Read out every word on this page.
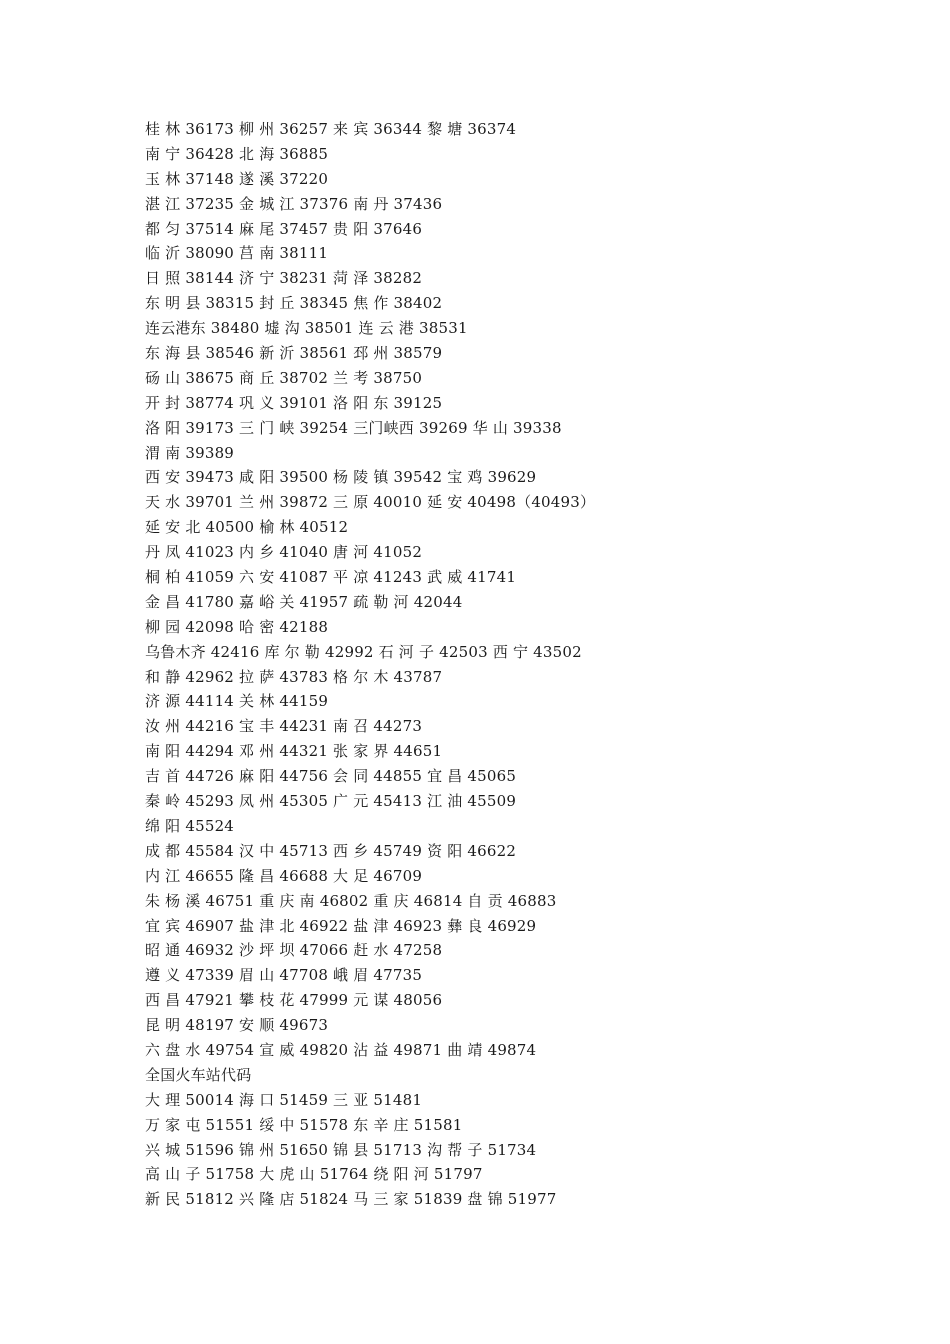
桂 林 36173 柳 州 36257 来 宾 36344 黎 塘 36374
南 宁 36428 北 海 36885
玉 林 37148 遂 溪 37220
湛 江 37235 金 城 江 37376 南 丹 37436
都 匀 37514 麻 尾 37457 贵 阳 37646
临 沂 38090 莒 南 38111
日 照 38144 济 宁 38231 菏 泽 38282
东 明 县 38315 封 丘 38345 焦 作 38402
连云港东 38480 墟 沟 38501 连 云 港 38531
东 海 县 38546 新 沂 38561 邳 州 38579
砀 山 38675 商 丘 38702 兰 考 38750
开 封 38774 巩 义 39101 洛 阳 东 39125
洛 阳 39173 三 门 峡 39254 三门峡西 39269 华 山 39338
渭 南 39389
西 安 39473 咸 阳 39500 杨 陵 镇 39542 宝 鸡 39629
天 水 39701 兰 州 39872 三 原 40010 延 安 40498（40493）
延 安 北 40500 榆 林 40512
丹 凤 41023 内 乡 41040 唐 河 41052
桐 柏 41059 六 安 41087 平 凉 41243 武 威 41741
金 昌 41780 嘉 峪 关 41957 疏 勒 河 42044
柳 园 42098 哈 密 42188
乌鲁木齐 42416 库 尔 勒 42992 石 河 子 42503 西 宁 43502
和 静 42962 拉 萨 43783 格 尔 木 43787
济 源 44114 关 林 44159
汝 州 44216 宝 丰 44231 南 召 44273
南 阳 44294 邓 州 44321 张 家 界 44651
吉 首 44726 麻 阳 44756 会 同 44855 宜 昌 45065
秦 岭 45293 凤 州 45305 广 元 45413 江 油 45509
绵 阳 45524
成 都 45584 汉 中 45713 西 乡 45749 资 阳 46622
内 江 46655 隆 昌 46688 大 足 46709
朱 杨 溪 46751 重 庆 南 46802 重 庆 46814 自 贡 46883
宜 宾 46907 盐 津 北 46922 盐 津 46923 彝 良 46929
昭 通 46932 沙 坪 坝 47066 赶 水 47258
遵 义 47339 眉 山 47708 峨 眉 47735
西 昌 47921 攀 枝 花 47999 元 谋 48056
昆 明 48197 安 顺 49673
六 盘 水 49754 宣 威 49820 沾 益 49871 曲 靖 49874
全国火车站代码
大 理 50014 海 口 51459 三 亚 51481
万 家 屯 51551 绥 中 51578 东 辛 庄 51581
兴 城 51596 锦 州 51650 锦 县 51713 沟 帮 子 51734
高 山 子 51758 大 虎 山 51764 绕 阳 河 51797
新 民 51812 兴 隆 店 51824 马 三 家 51839 盘 锦 51977
